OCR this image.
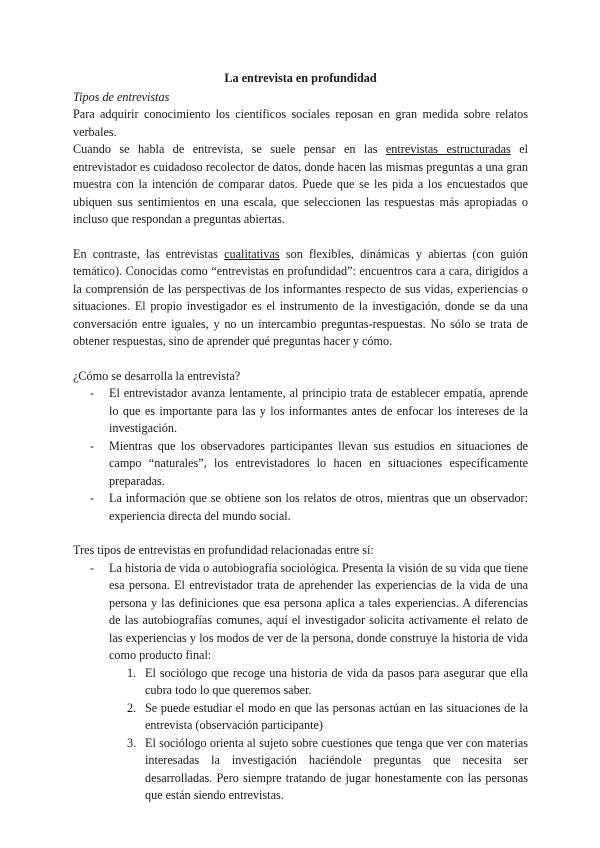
La entrevista en profundidad

Tipos de entrevistas

Para adquirir conocimiento los científicos sociales reposan en gran medida sobre relatos verbales.

Cuando se habla de entrevista, se suele pensar en las entrevistas estructuradas el entrevistador es cuidadoso recolector de datos, donde hacen las mismas preguntas a una gran muestra con la intención de comparar datos. Puede que se les pida a los encuestados que ubiquen sus sentimientos en una escala, que seleccionen las respuestas más apropiadas o incluso que respondan a preguntas abiertas.

En contraste, las entrevistas cualitativas son flexibles, dinámicas y abiertas (con guión temático). Conocidas como “entrevistas en profundidad”: encuentros cara a cara, dirigidos a la comprensión de las perspectivas de los informantes respecto de sus vidas, experiencias o situaciones. El propio investigador es el instrumento de la investigación, donde se da una conversación entre iguales, y no un intercambio preguntas-respuestas. No sólo se trata de obtener respuestas, sino de aprender qué preguntas hacer y cómo.

¿Cómo se desarrolla la entrevista?

- El entrevistador avanza lentamente, al principio trata de establecer empatía, aprende lo que es importante para las y los informantes antes de enfocar los intereses de la investigación.
- Mientras que los observadores participantes llevan sus estudios en situaciones de campo “naturales”, los entrevistadores lo hacen en situaciones específicamente preparadas.
- La información que se obtiene son los relatos de otros, mientras que un observador: experiencia directa del mundo social.

Tres tipos de entrevistas en profundidad relacionadas entre sí:

- La historia de vida o autobiografía sociológica. Presenta la visión de su vida que tiene esa persona. El entrevistador trata de aprehender las experiencias de la vida de una persona y las definiciones que esa persona aplica a tales experiencias. A diferencias de las autobiografías comunes, aquí el investigador solicita activamente el relato de las experiencias y los modos de ver de la persona, donde construye la historia de vida como producto final:
1. El sociólogo que recoge una historia de vida da pasos para asegurar que ella cubra todo lo que queremos saber.
2. Se puede estudiar el modo en que las personas actúan en las situaciones de la entrevista (observación participante)
3. El sociólogo orienta al sujeto sobre cuestiones que tenga que ver con materias interesadas la investigación haciéndole preguntas que necesita ser desarrolladas. Pero siempre tratando de jugar honestamente con las personas que están siendo entrevistas.
